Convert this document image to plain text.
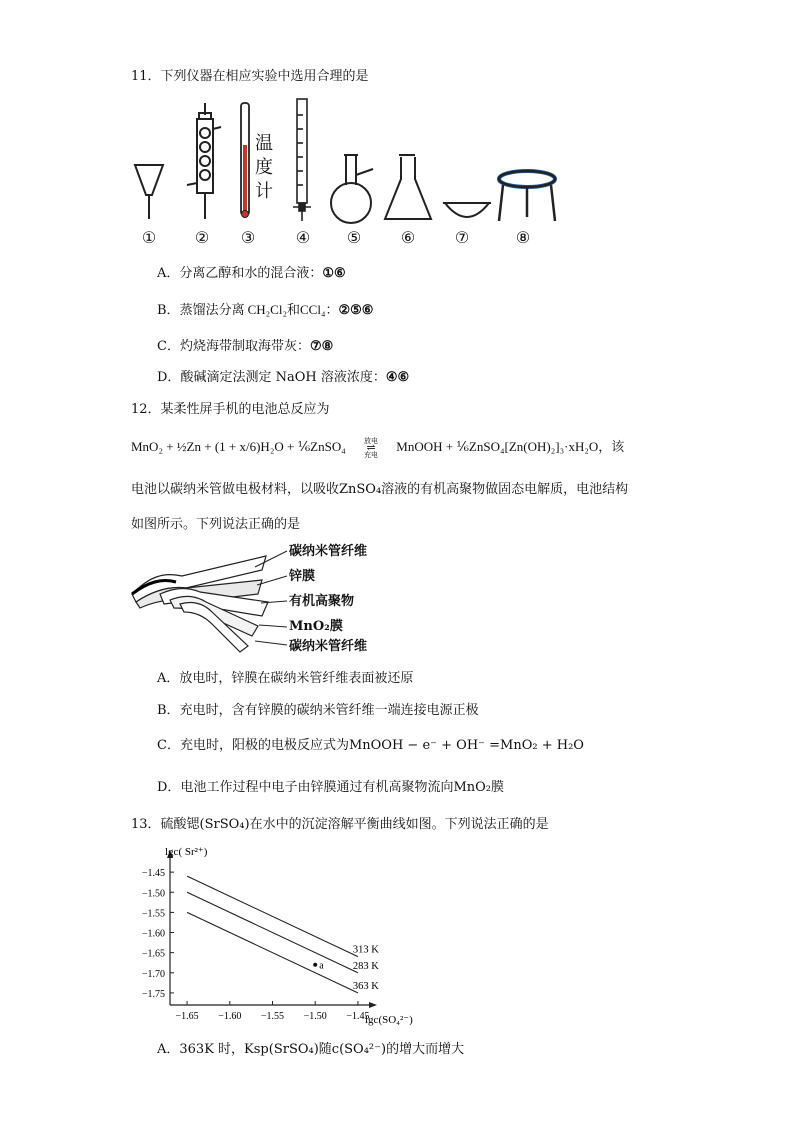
11．下列仪器在相应实验中选用合理的是
温
度
计
①	②	③	④	⑤	⑥	⑦	⑧
A．分离乙醇和水的混合液：①⑥
B．蒸馏法分离 CH₂Cl₂和CCl₄：②⑤⑥
C．灼烧海带制取海带灰：⑦⑧
D．酸碱滴定法测定 NaOH 溶液浓度：④⑥
12．某柔性屏手机的电池总反应为
MnO₂ + ½Zn + (1 + x/6)H₂O + ⅙ZnSO₄	放电
⇌
充电
MnOOH + ⅙ZnSO₄[Zn(OH)₂]₃·xH₂O，该
电池以碳纳米管做电极材料，以吸收ZnSO₄溶液的有机高聚物做固态电解质，电池结构
如图所示。下列说法正确的是
碳纳米管纤维
锌膜
有机高聚物
MnO₂膜
碳纳米管纤维
A．放电时，锌膜在碳纳米管纤维表面被还原
B．充电时，含有锌膜的碳纳米管纤维一端连接电源正极
C．充电时，阳极的电极反应式为MnOOH − e⁻ + OH⁻ =MnO₂ + H₂O
D．电池工作过程中电子由锌膜通过有机高聚物流向MnO₂膜
13．硫酸锶(SrSO₄)在水中的沉淀溶解平衡曲线如图。下列说法正确的是
lgc( Sr²⁺)
lgc(SO₄²⁻)
−1.65 −1.60 −1.55 −1.50 −1.45
−1.45
−1.50
−1.55
−1.60
−1.65
−1.70
−1.75
313 K
283 K
363 K
a
A．363K 时，Ksp(SrSO₄)随c(SO₄²⁻)的增大而增大
